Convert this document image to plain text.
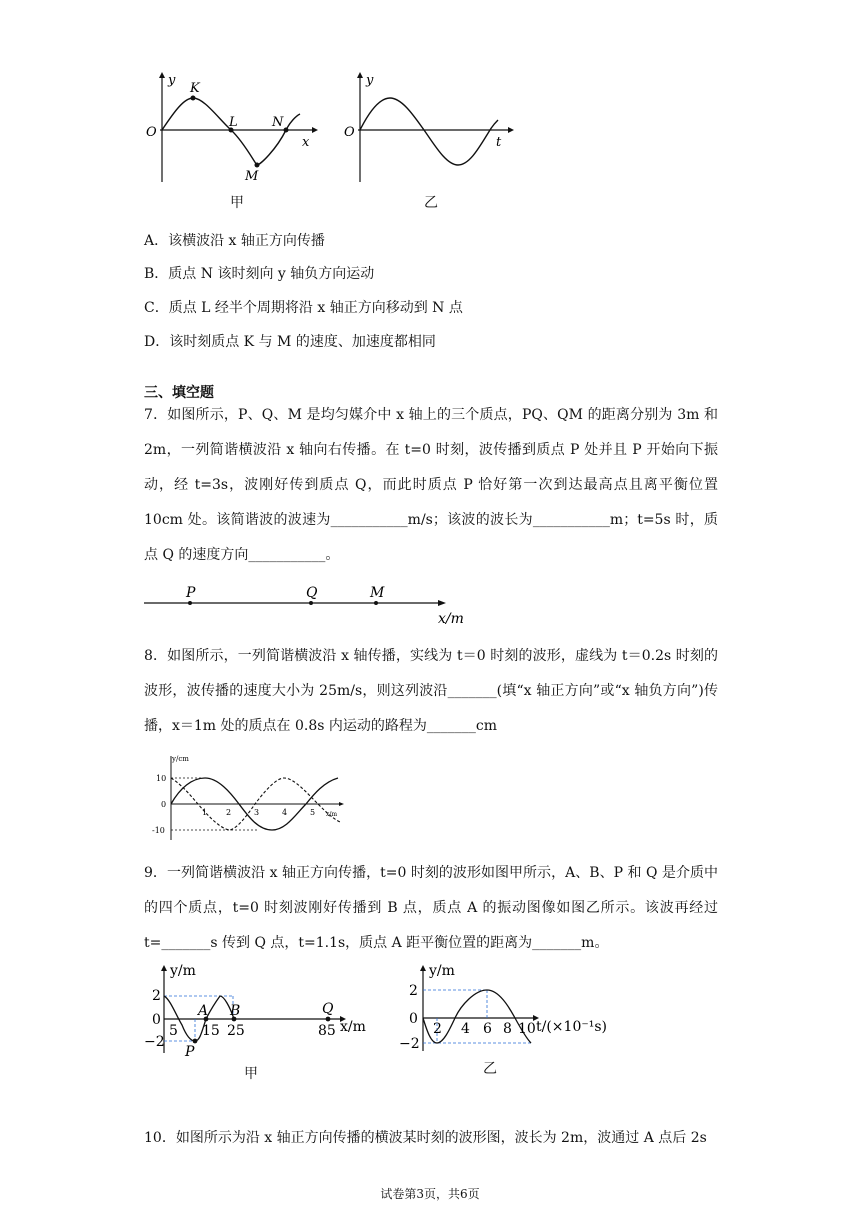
y
O
x
K
L	N
M
甲
y
O
t
乙
A．该横波沿 x 轴正方向传播
B．质点 N 该时刻向 y 轴负方向运动
C．质点 L 经半个周期将沿 x 轴正方向移动到 N 点
D．该时刻质点 K 与 M 的速度、加速度都相同
三、填空题
7．如图所示，P、Q、M 是均匀媒介中 x 轴上的三个质点，PQ、QM 的距离分别为 3m 和 2m，一列简谐横波沿 x 轴向右传播。在 t=0 时刻，波传播到质点 P 处并且 P 开始向下振动，经 t=3s，波刚好传到质点 Q，而此时质点 P 恰好第一次到达最高点且离平衡位置 10cm 处。该简谐波的波速为___________m/s；该波的波长为___________m；t=5s 时，质点 Q 的速度方向___________。
P	Q	M
x/m
8．如图所示，一列简谐横波沿 x 轴传播，实线为 t＝0 时刻的波形，虚线为 t＝0.2s 时刻的波形，波传播的速度大小为 25m/s，则这列波沿_______(填“x 轴正方向”或“x 轴负方向”)传播，x＝1m 处的质点在 0.8s 内运动的路程为_______cm
y/cm
x/m
10
0
-10
1 2	3	4	5
9．一列简谐横波沿 x 轴正方向传播，t=0 时刻的波形如图甲所示，A、B、P 和 Q 是介质中的四个质点，t=0 时刻波刚好传播到 B 点，质点 A 的振动图像如图乙所示。该波再经过 t=_______s 传到 Q 点，t=1.1s，质点 A 距平衡位置的距离为_______m。
y/m
x/m
2
0
−2
5 15 25	85
A B
P
Q
甲
y/m
t/(×10⁻¹s)
2
0
−2
2 4 6 8 10
乙
10．如图所示为沿 x 轴正方向传播的横波某时刻的波形图，波长为 2m，波通过 A 点后 2s
试卷第3页，共6页
